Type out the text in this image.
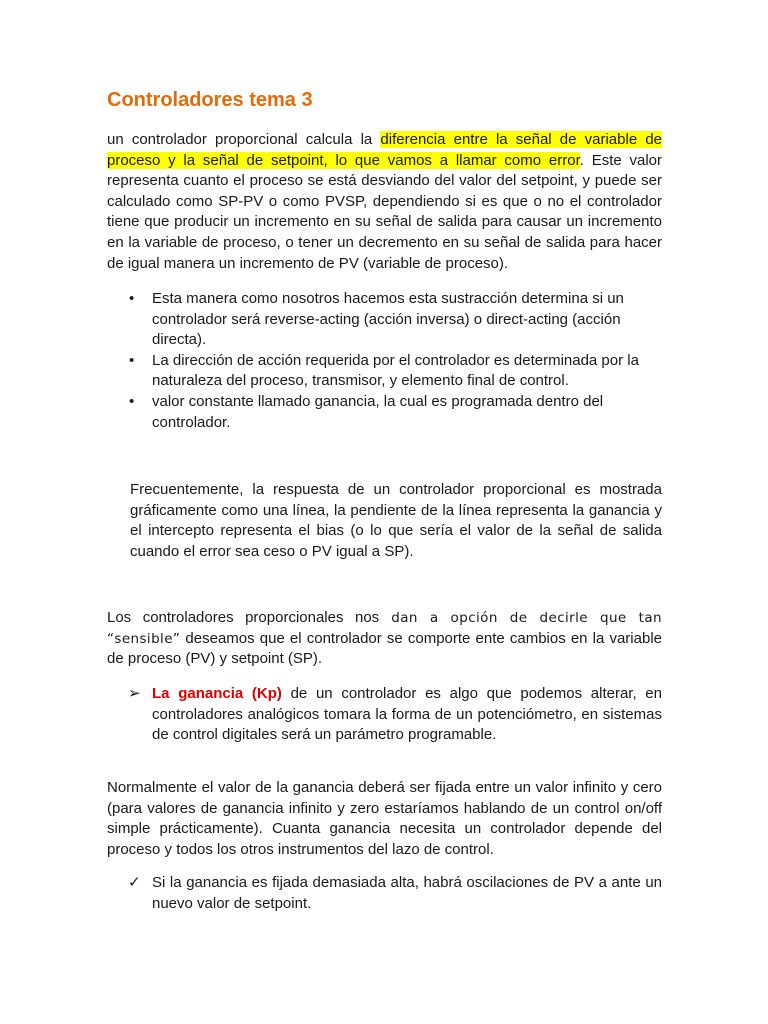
Controladores tema 3

un controlador proporcional calcula la diferencia entre la señal de variable de proceso y la señal de setpoint, lo que vamos a llamar como error. Este valor representa cuanto el proceso se está desviando del valor del setpoint, y puede ser calculado como SP-PV o como PVSP, dependiendo si es que o no el controlador tiene que producir un incremento en su señal de salida para causar un incremento en la variable de proceso, o tener un decremento en su señal de salida para hacer de igual manera un incremento de PV (variable de proceso).

• Esta manera como nosotros hacemos esta sustracción determina si un controlador será reverse-acting (acción inversa) o direct-acting (acción directa).
• La dirección de acción requerida por el controlador es determinada por la naturaleza del proceso, transmisor, y elemento final de control.
• valor constante llamado ganancia, la cual es programada dentro del controlador.

Frecuentemente, la respuesta de un controlador proporcional es mostrada gráficamente como una línea, la pendiente de la línea representa la ganancia y el intercepto representa el bias (o lo que sería el valor de la señal de salida cuando el error sea ceso o PV igual a SP).

Los controladores proporcionales nos dan a opción de decirle que tan “sensible” deseamos que el controlador se comporte ente cambios en la variable de proceso (PV) y setpoint (SP).

➢ La ganancia (Kp) de un controlador es algo que podemos alterar, en controladores analógicos tomara la forma de un potenciómetro, en sistemas de control digitales será un parámetro programable.

Normalmente el valor de la ganancia deberá ser fijada entre un valor infinito y cero (para valores de ganancia infinito y zero estaríamos hablando de un control on/off simple prácticamente). Cuanta ganancia necesita un controlador depende del proceso y todos los otros instrumentos del lazo de control.

✓ Si la ganancia es fijada demasiada alta, habrá oscilaciones de PV a ante un nuevo valor de setpoint.
